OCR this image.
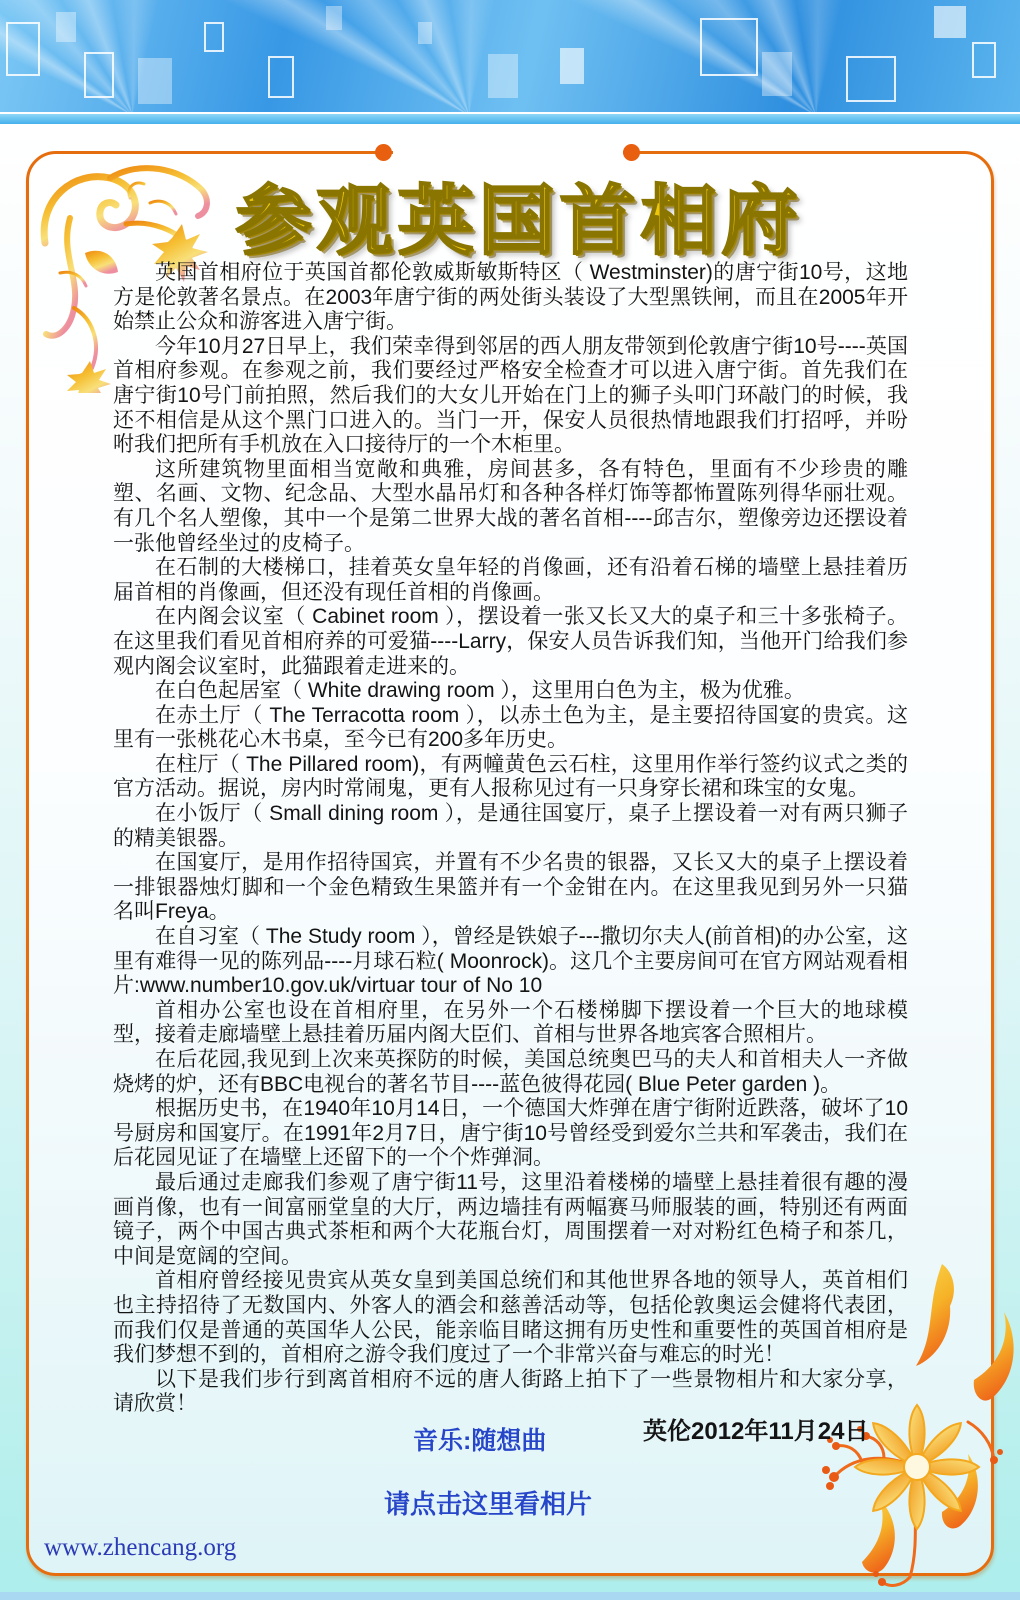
参观英国首相府

英国首相府位于英国首都伦敦威斯敏斯特区（ Westminster)的唐宁街10号，这地方是伦敦著名景点。在2003年唐宁街的两处街头装设了大型黑铁闸，而且在2005年开始禁止公众和游客进入唐宁街。

今年10月27日早上，我们荣幸得到邻居的西人朋友带领到伦敦唐宁街10号----英国首相府参观。在参观之前，我们要经过严格安全检查才可以进入唐宁街。首先我们在唐宁街10号门前拍照，然后我们的大女儿开始在门上的狮子头叩门环敲门的时候，我还不相信是从这个黑门口进入的。当门一开，保安人员很热情地跟我们打招呼，并吩咐我们把所有手机放在入口接待厅的一个木柜里。

这所建筑物里面相当宽敞和典雅，房间甚多，各有特色，里面有不少珍贵的雕塑、名画、文物、纪念品、大型水晶吊灯和各种各样灯饰等都怖置陈列得华丽壮观。有几个名人塑像，其中一个是第二世界大战的著名首相----邱吉尔，塑像旁边还摆设着一张他曾经坐过的皮椅子。

在石制的大楼梯口，挂着英女皇年轻的肖像画，还有沿着石梯的墙壁上悬挂着历届首相的肖像画，但还没有现任首相的肖像画。

在内阁会议室（ Cabinet room ），摆设着一张又长又大的桌子和三十多张椅子。在这里我们看见首相府养的可爱猫----Larry，保安人员告诉我们知，当他开门给我们参观内阁会议室时，此猫跟着走进来的。

在白色起居室（ White drawing room ），这里用白色为主，极为优雅。

在赤土厅（ The Terracotta room ），以赤土色为主，是主要招待国宴的贵宾。这里有一张桃花心木书桌，至今已有200多年历史。

在柱厅（ The Pillared room)，有两幢黄色云石柱，这里用作举行签约议式之类的官方活动。据说，房内时常闹鬼，更有人报称见过有一只身穿长裙和珠宝的女鬼。

在小饭厅（ Small dining room ），是通往国宴厅，桌子上摆设着一对有两只狮子的精美银器。

在国宴厅，是用作招待国宾，并置有不少名贵的银器，又长又大的桌子上摆设着一排银器烛灯脚和一个金色精致生果篮并有一个金钳在内。在这里我见到另外一只猫名叫Freya。

在自习室（ The Study room ），曾经是铁娘子---撒切尔夫人(前首相)的办公室，这里有难得一见的陈列品----月球石粒( Moonrock)。这几个主要房间可在官方网站观看相片:www.number10.gov.uk/virtuar tour of No 10

首相办公室也设在首相府里，在另外一个石楼梯脚下摆设着一个巨大的地球模型，接着走廊墙壁上悬挂着历届内阁大臣们、首相与世界各地宾客合照相片。

在后花园,我见到上次来英探防的时候，美国总统奥巴马的夫人和首相夫人一齐做烧烤的炉，还有BBC电视台的著名节目----蓝色彼得花园( Blue Peter garden )。

根据历史书，在1940年10月14日，一个德国大炸弹在唐宁街附近跌落，破坏了10号厨房和国宴厅。在1991年2月7日，唐宁街10号曾经受到爱尔兰共和军袭击，我们在后花园见证了在墙壁上还留下的一个个炸弹洞。

最后通过走廊我们参观了唐宁街11号，这里沿着楼梯的墙壁上悬挂着很有趣的漫画肖像，也有一间富丽堂皇的大厅，两边墙挂有两幅赛马师服装的画，特别还有两面镜子，两个中国古典式茶柜和两个大花瓶台灯，周围摆着一对对粉红色椅子和茶几，中间是宽阔的空间。

首相府曾经接见贵宾从英女皇到美国总统们和其他世界各地的领导人，英首相们也主持招待了无数国内、外客人的酒会和慈善活动等，包括伦敦奥运会健将代表团，而我们仅是普通的英国华人公民，能亲临目睹这拥有历史性和重要性的英国首相府是我们梦想不到的，首相府之游令我们度过了一个非常兴奋与难忘的时光！

以下是我们步行到离首相府不远的唐人街路上拍下了一些景物相片和大家分享，请欣赏！

音乐:随想曲	英伦2012年11月24日
请点击这里看相片
www.zhencang.org
